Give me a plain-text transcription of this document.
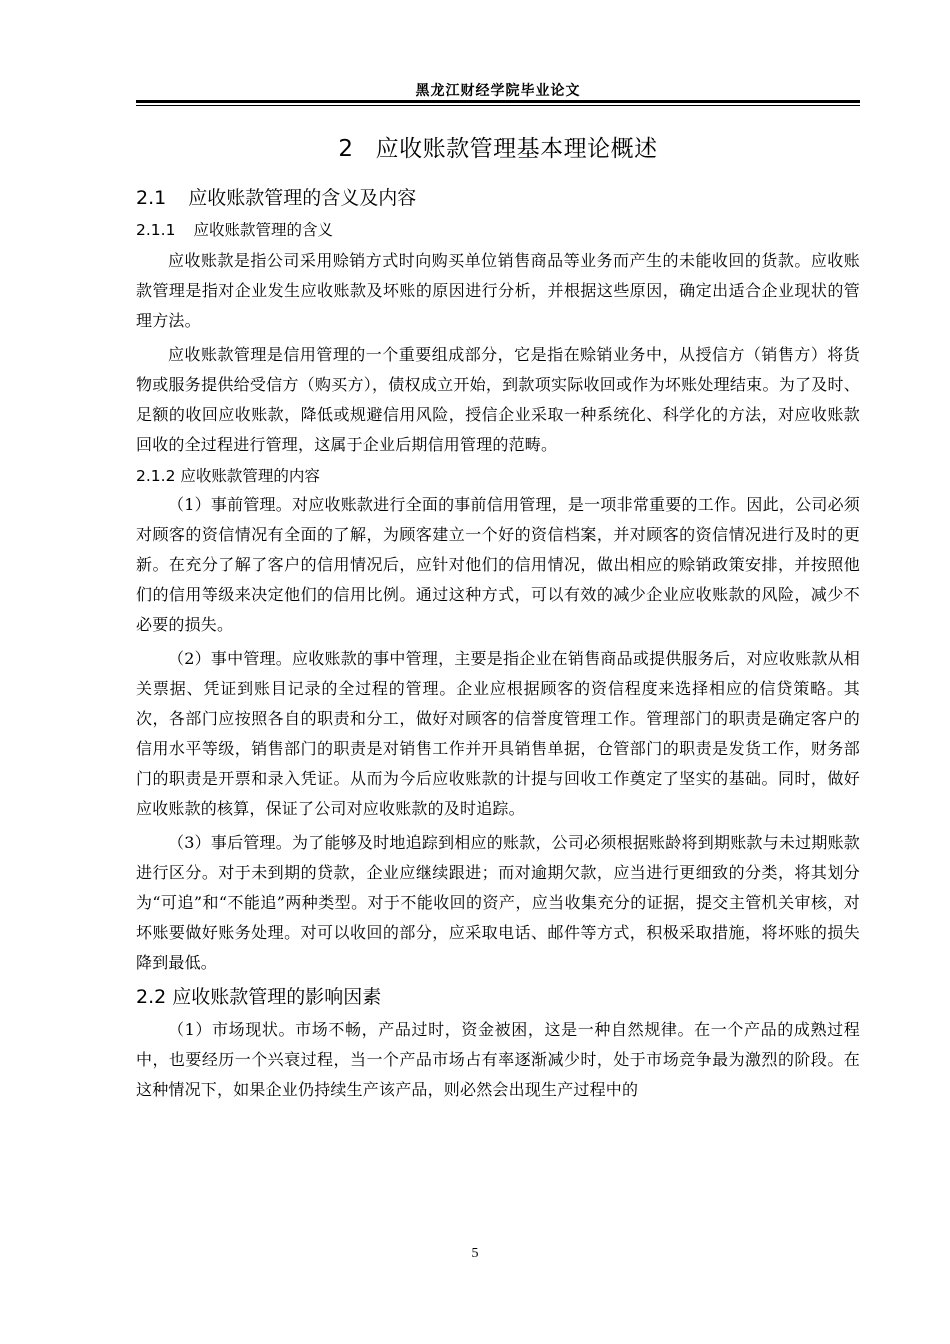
黑龙江财经学院毕业论文
2 应收账款管理基本理论概述
2.1 应收账款管理的含义及内容
2.1.1 应收账款管理的含义

应收账款是指公司采用赊销方式时向购买单位销售商品等业务而产生的未能收回的货款。应收账款管理是指对企业发生应收账款及坏账的原因进行分析，并根据这些原因，确定出适合企业现状的管理方法。

应收账款管理是信用管理的一个重要组成部分，它是指在赊销业务中，从授信方（销售方）将货物或服务提供给受信方（购买方），债权成立开始，到款项实际收回或作为坏账处理结束。为了及时、足额的收回应收账款，降低或规避信用风险，授信企业采取一种系统化、科学化的方法，对应收账款回收的全过程进行管理，这属于企业后期信用管理的范畴。

2.1.2 应收账款管理的内容

（1）事前管理。对应收账款进行全面的事前信用管理，是一项非常重要的工作。因此，公司必须对顾客的资信情况有全面的了解，为顾客建立一个好的资信档案，并对顾客的资信情况进行及时的更新。在充分了解了客户的信用情况后，应针对他们的信用情况，做出相应的赊销政策安排，并按照他们的信用等级来决定他们的信用比例。通过这种方式，可以有效的减少企业应收账款的风险，减少不必要的损失。

（2）事中管理。应收账款的事中管理，主要是指企业在销售商品或提供服务后，对应收账款从相关票据、凭证到账目记录的全过程的管理。企业应根据顾客的资信程度来选择相应的信贷策略。其次，各部门应按照各自的职责和分工，做好对顾客的信誉度管理工作。管理部门的职责是确定客户的信用水平等级，销售部门的职责是对销售工作并开具销售单据，仓管部门的职责是发货工作，财务部门的职责是开票和录入凭证。从而为今后应收账款的计提与回收工作奠定了坚实的基础。同时，做好应收账款的核算，保证了公司对应收账款的及时追踪。

（3）事后管理。为了能够及时地追踪到相应的账款，公司必须根据账龄将到期账款与未过期账款进行区分。对于未到期的贷款，企业应继续跟进；而对逾期欠款，应当进行更细致的分类，将其划分为“可追”和“不能追”两种类型。对于不能收回的资产，应当收集充分的证据，提交主管机关审核，对坏账要做好账务处理。对可以收回的部分，应采取电话、邮件等方式，积极采取措施，将坏账的损失降到最低。

2.2 应收账款管理的影响因素

（1）市场现状。市场不畅，产品过时，资金被困，这是一种自然规律。在一个产品的成熟过程中，也要经历一个兴衰过程，当一个产品市场占有率逐渐减少时，处于市场竞争最为激烈的阶段。在这种情况下，如果企业仍持续生产该产品，则必然会出现生产过程中的

5
